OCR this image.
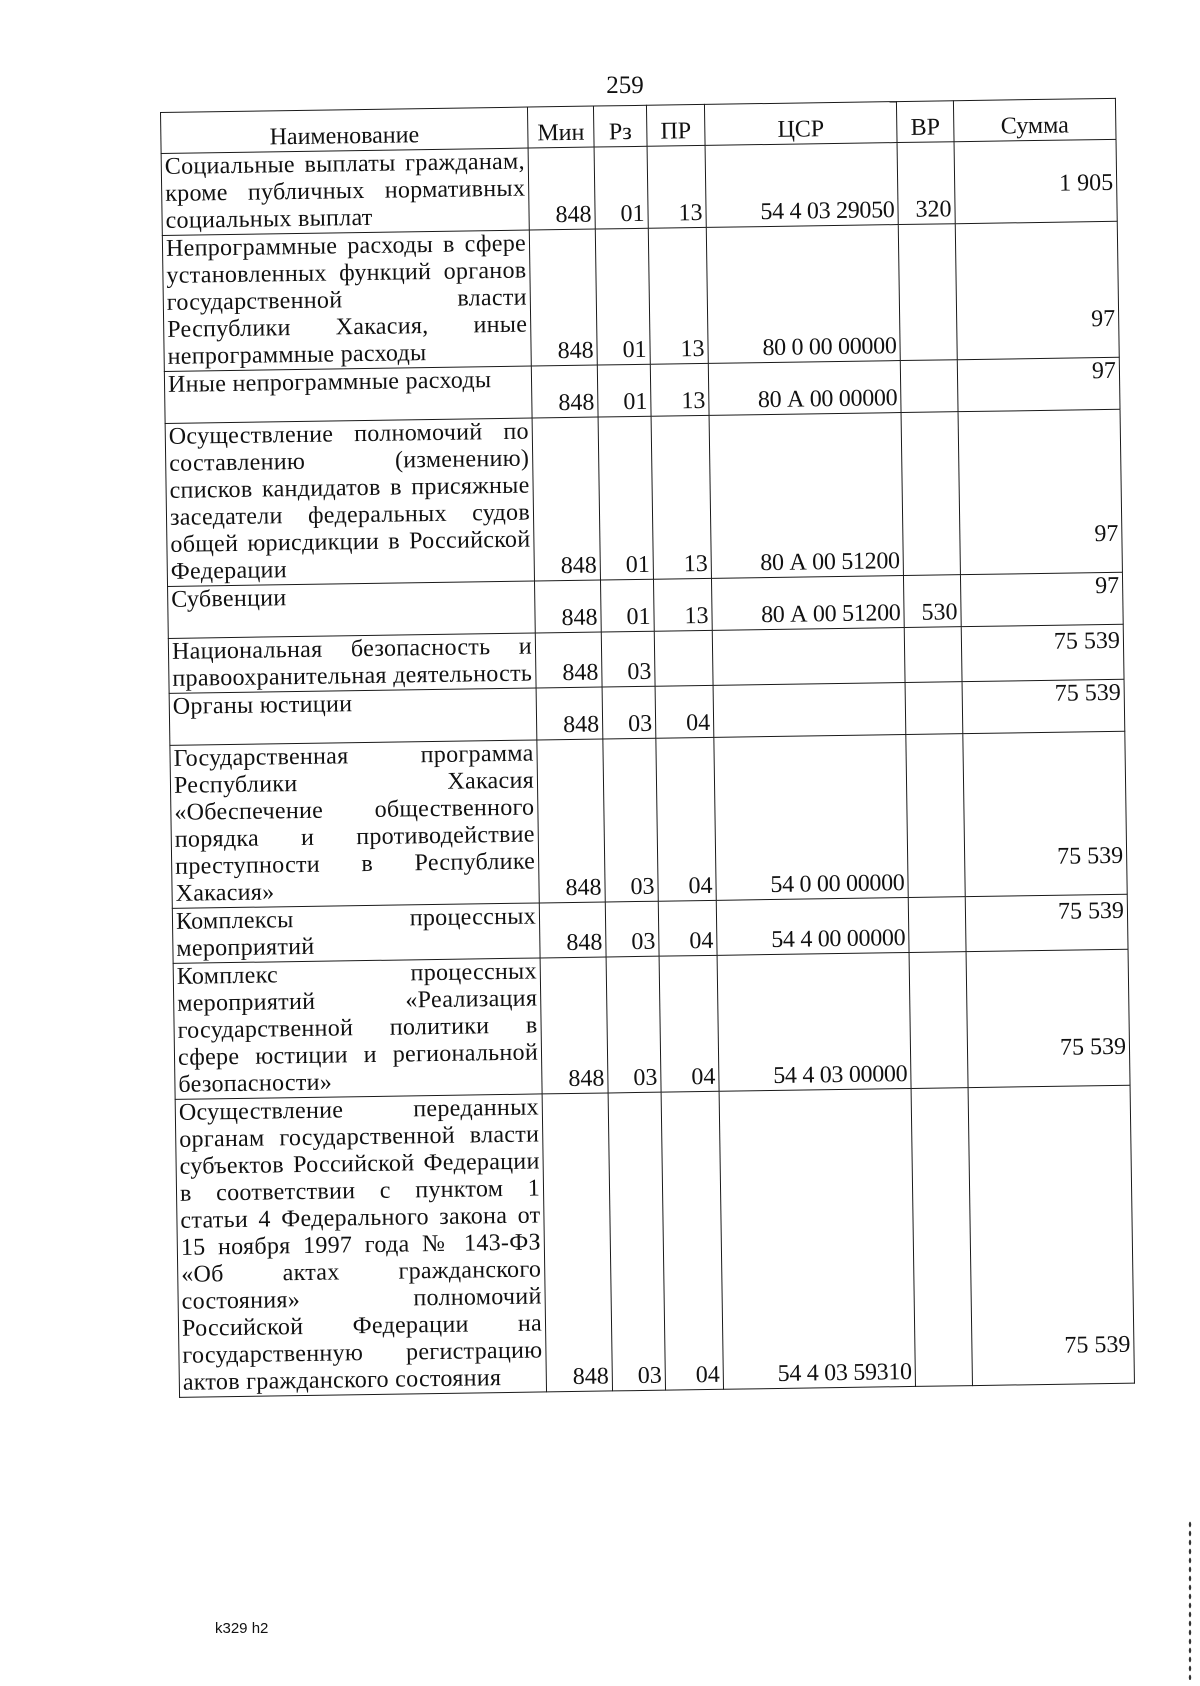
259
Наименование	Мин	Рз	ПР	ЦСР	ВР	Сумма
Социальные выплаты гражданам, кроме публичных нормативных социальных выплат	848	01	13	54 4 03 29050	320	1 905
Непрограммные расходы в сфере установленных функций органов государственной власти Республики Хакасия, иные непрограммные расходы	848	01	13	80 0 00 00000		97
Иные непрограммные расходы	848	01	13	80 А 00 00000		97
Осуществление полномочий по составлению (изменению) списков кандидатов в присяжные заседатели федеральных судов общей юрисдикции в Российской Федерации	848	01	13	80 А 00 51200		97
Субвенции	848	01	13	80 А 00 51200	530	97
Национальная безопасность и правоохранительная деятельность	848	03				75 539
Органы юстиции	848	03	04			75 539
Государственная программа Республики Хакасия «Обеспечение общественного порядка и противодействие преступности в Республике Хакасия»	848	03	04	54 0 00 00000		75 539
Комплексы процессных мероприятий	848	03	04	54 4 00 00000		75 539
Комплекс процессных мероприятий «Реализация государственной политики в сфере юстиции и региональной безопасности»	848	03	04	54 4 03 00000		75 539
Осуществление переданных органам государственной власти субъектов Российской Федерации в соответствии с пунктом 1 статьи 4 Федерального закона от 15 ноября 1997 года № 143-ФЗ «Об актах гражданского состояния» полномочий Российской Федерации на государственную регистрацию актов гражданского состояния	848	03	04	54 4 03 59310		75 539
k329 h2
